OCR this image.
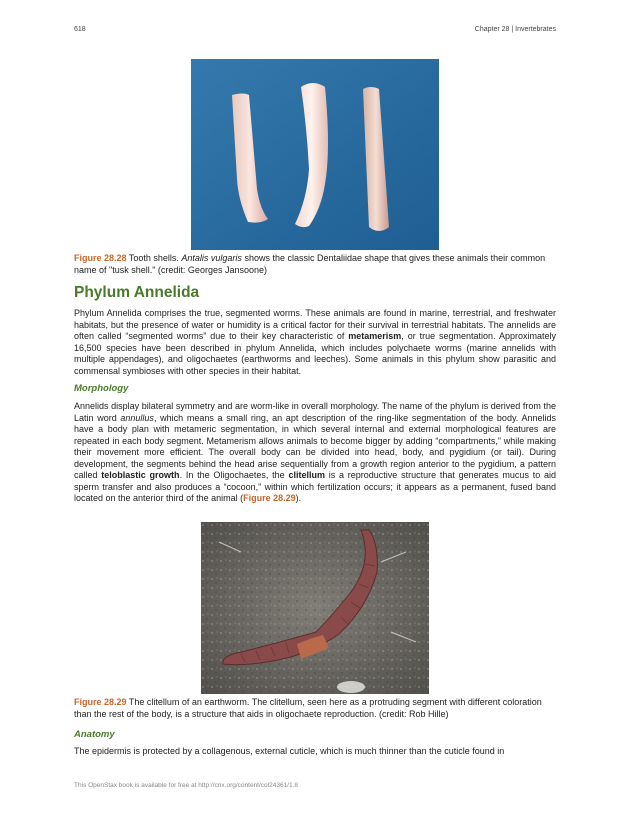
618	Chapter 28 | Invertebrates
Figure 28.28 Tooth shells. Antalis vulgaris shows the classic Dentaliidae shape that gives these animals their common name of "tusk shell." (credit: Georges Jansoone)
Phylum Annelida

Phylum Annelida comprises the true, segmented worms. These animals are found in marine, terrestrial, and freshwater habitats, but the presence of water or humidity is a critical factor for their survival in terrestrial habitats. The annelids are often called “segmented worms” due to their key characteristic of metamerism, or true segmentation. Approximately 16,500 species have been described in phylum Annelida, which includes polychaete worms (marine annelids with multiple appendages), and oligochaetes (earthworms and leeches). Some animals in this phylum show parasitic and commensal symbioses with other species in their habitat.

Morphology

Annelids display bilateral symmetry and are worm-like in overall morphology. The name of the phylum is derived from the Latin word annullus, which means a small ring, an apt description of the ring-like segmentation of the body. Annelids have a body plan with metameric segmentation, in which several internal and external morphological features are repeated in each body segment. Metamerism allows animals to become bigger by adding “compartments,” while making their movement more efficient. The overall body can be divided into head, body, and pygidium (or tail). During development, the segments behind the head arise sequentially from a growth region anterior to the pygidium, a pattern called teloblastic growth. In the Oligochaetes, the clitellum is a reproductive structure that generates mucus to aid sperm transfer and also produces a “cocoon,” within which fertilization occurs; it appears as a permanent, fused band located on the anterior third of the animal (Figure 28.29).

Figure 28.29 The clitellum of an earthworm. The clitellum, seen here as a protruding segment with different coloration than the rest of the body, is a structure that aids in oligochaete reproduction. (credit: Rob Hille)
Anatomy

The epidermis is protected by a collagenous, external cuticle, which is much thinner than the cuticle found in

This OpenStax book is available for free at http://cnx.org/content/col24361/1.8
